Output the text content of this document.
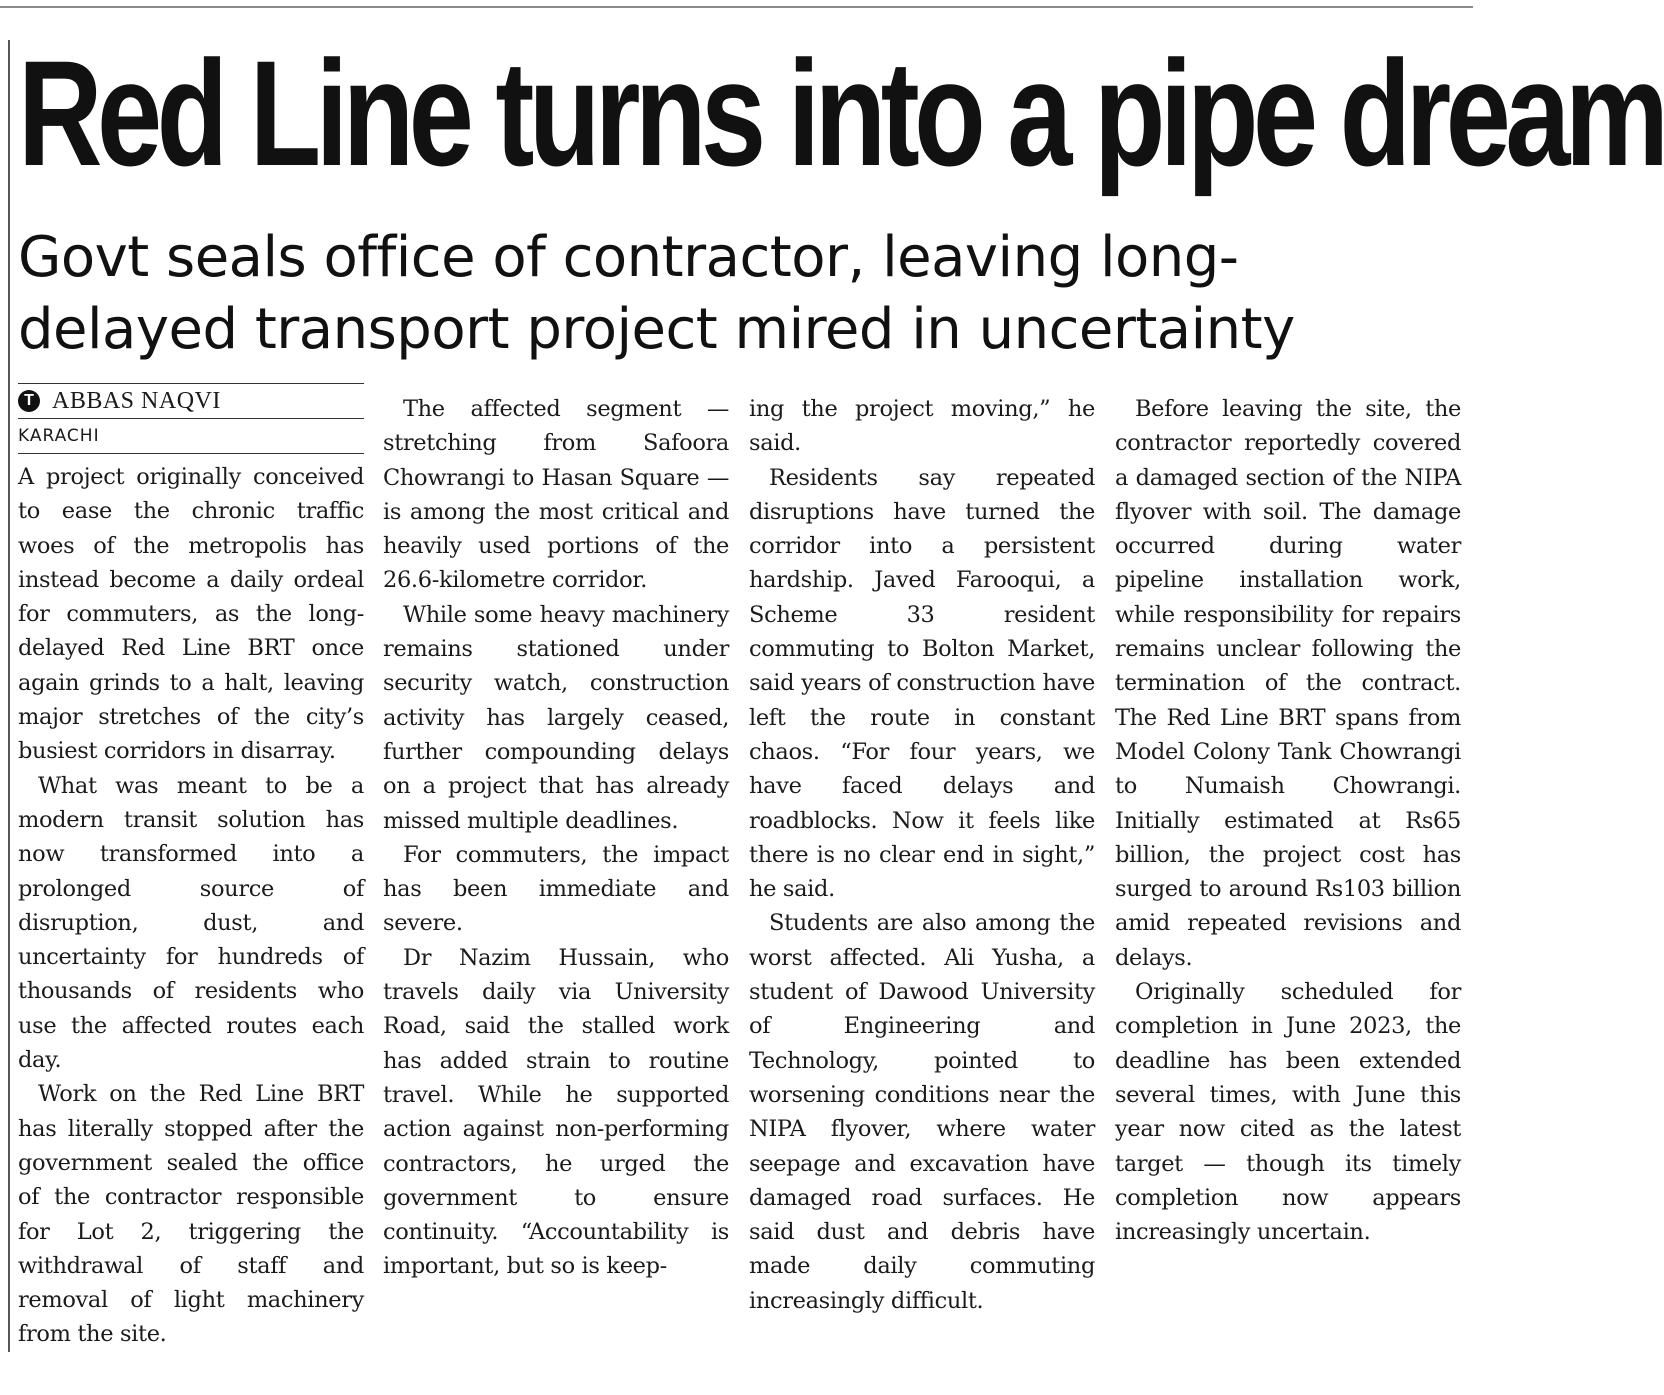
Red Line turns into a pipe dream
Govt seals office of contractor, leaving long-delayed transport project mired in uncertainty
T ABBAS NAQVI
KARACHI

A project originally conceived to ease the chronic traffic woes of the metropolis has instead become a daily ordeal for commuters, as the long-delayed Red Line BRT once again grinds to a halt, leaving major stretches of the city’s busiest corridors in disarray.

What was meant to be a modern transit solution has now transformed into a prolonged source of disruption, dust, and uncertainty for hundreds of thousands of residents who use the affected routes each day.

Work on the Red Line BRT has literally stopped after the government sealed the office of the contractor responsible for Lot 2, triggering the withdrawal of staff and removal of light machinery from the site.

The affected segment — stretching from Safoora Chowrangi to Hasan Square — is among the most critical and heavily used portions of the 26.6-kilometre corridor.

While some heavy machinery remains stationed under security watch, construction activity has largely ceased, further compounding delays on a project that has already missed multiple deadlines.

For commuters, the impact has been immediate and severe.

Dr Nazim Hussain, who travels daily via University Road, said the stalled work has added strain to routine travel. While he supported action against non-performing contractors, he urged the government to ensure continuity. “Accountability is important, but so is keep-

ing the project moving,” he said.

Residents say repeated disruptions have turned the corridor into a persistent hardship. Javed Farooqui, a Scheme 33 resident commuting to Bolton Market, said years of construction have left the route in constant chaos. “For four years, we have faced delays and roadblocks. Now it feels like there is no clear end in sight,” he said.

Students are also among the worst affected. Ali Yusha, a student of Dawood University of Engineering and Technology, pointed to worsening conditions near the NIPA flyover, where water seepage and excavation have damaged road surfaces. He said dust and debris have made daily commuting increasingly difficult.

Before leaving the site, the contractor reportedly covered a damaged section of the NIPA flyover with soil. The damage occurred during water pipeline installation work, while responsibility for repairs remains unclear following the termination of the contract. The Red Line BRT spans from Model Colony Tank Chowrangi to Numaish Chowrangi. Initially estimated at Rs65 billion, the project cost has surged to around Rs103 billion amid repeated revisions and delays.

Originally scheduled for completion in June 2023, the deadline has been extended several times, with June this year now cited as the latest target — though its timely completion now appears increasingly uncertain.
